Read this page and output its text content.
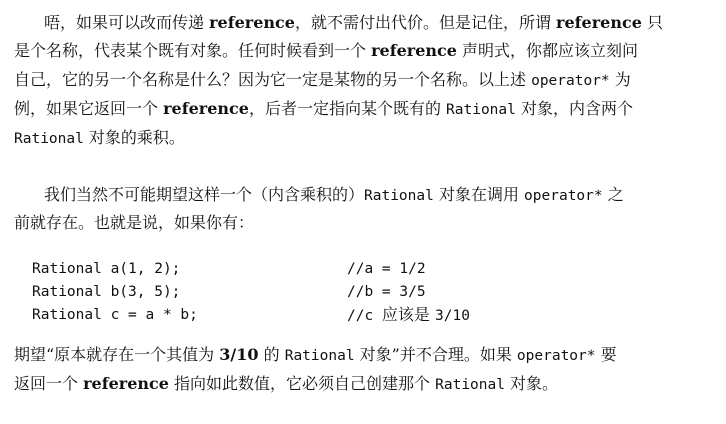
唔，如果可以改而传递 reference，就不需付出代价。但是记住，所谓 reference 只
是个名称，代表某个既有对象。任何时候看到一个 reference 声明式，你都应该立刻问
自己，它的另一个名称是什么？因为它一定是某物的另一个名称。以上述 operator* 为
例，如果它返回一个 reference，后者一定指向某个既有的 Rational 对象，内含两个
Rational 对象的乘积。
我们当然不可能期望这样一个（内含乘积的）Rational 对象在调用 operator* 之
前就存在。也就是说，如果你有：
Rational a(1, 2);	//a = 1/2
Rational b(3, 5);	//b = 3/5
Rational c = a * b;	//c 应该是 3/10
期望“原本就存在一个其值为 3/10 的 Rational 对象”并不合理。如果 operator* 要
返回一个 reference 指向如此数值，它必须自己创建那个 Rational 对象。
